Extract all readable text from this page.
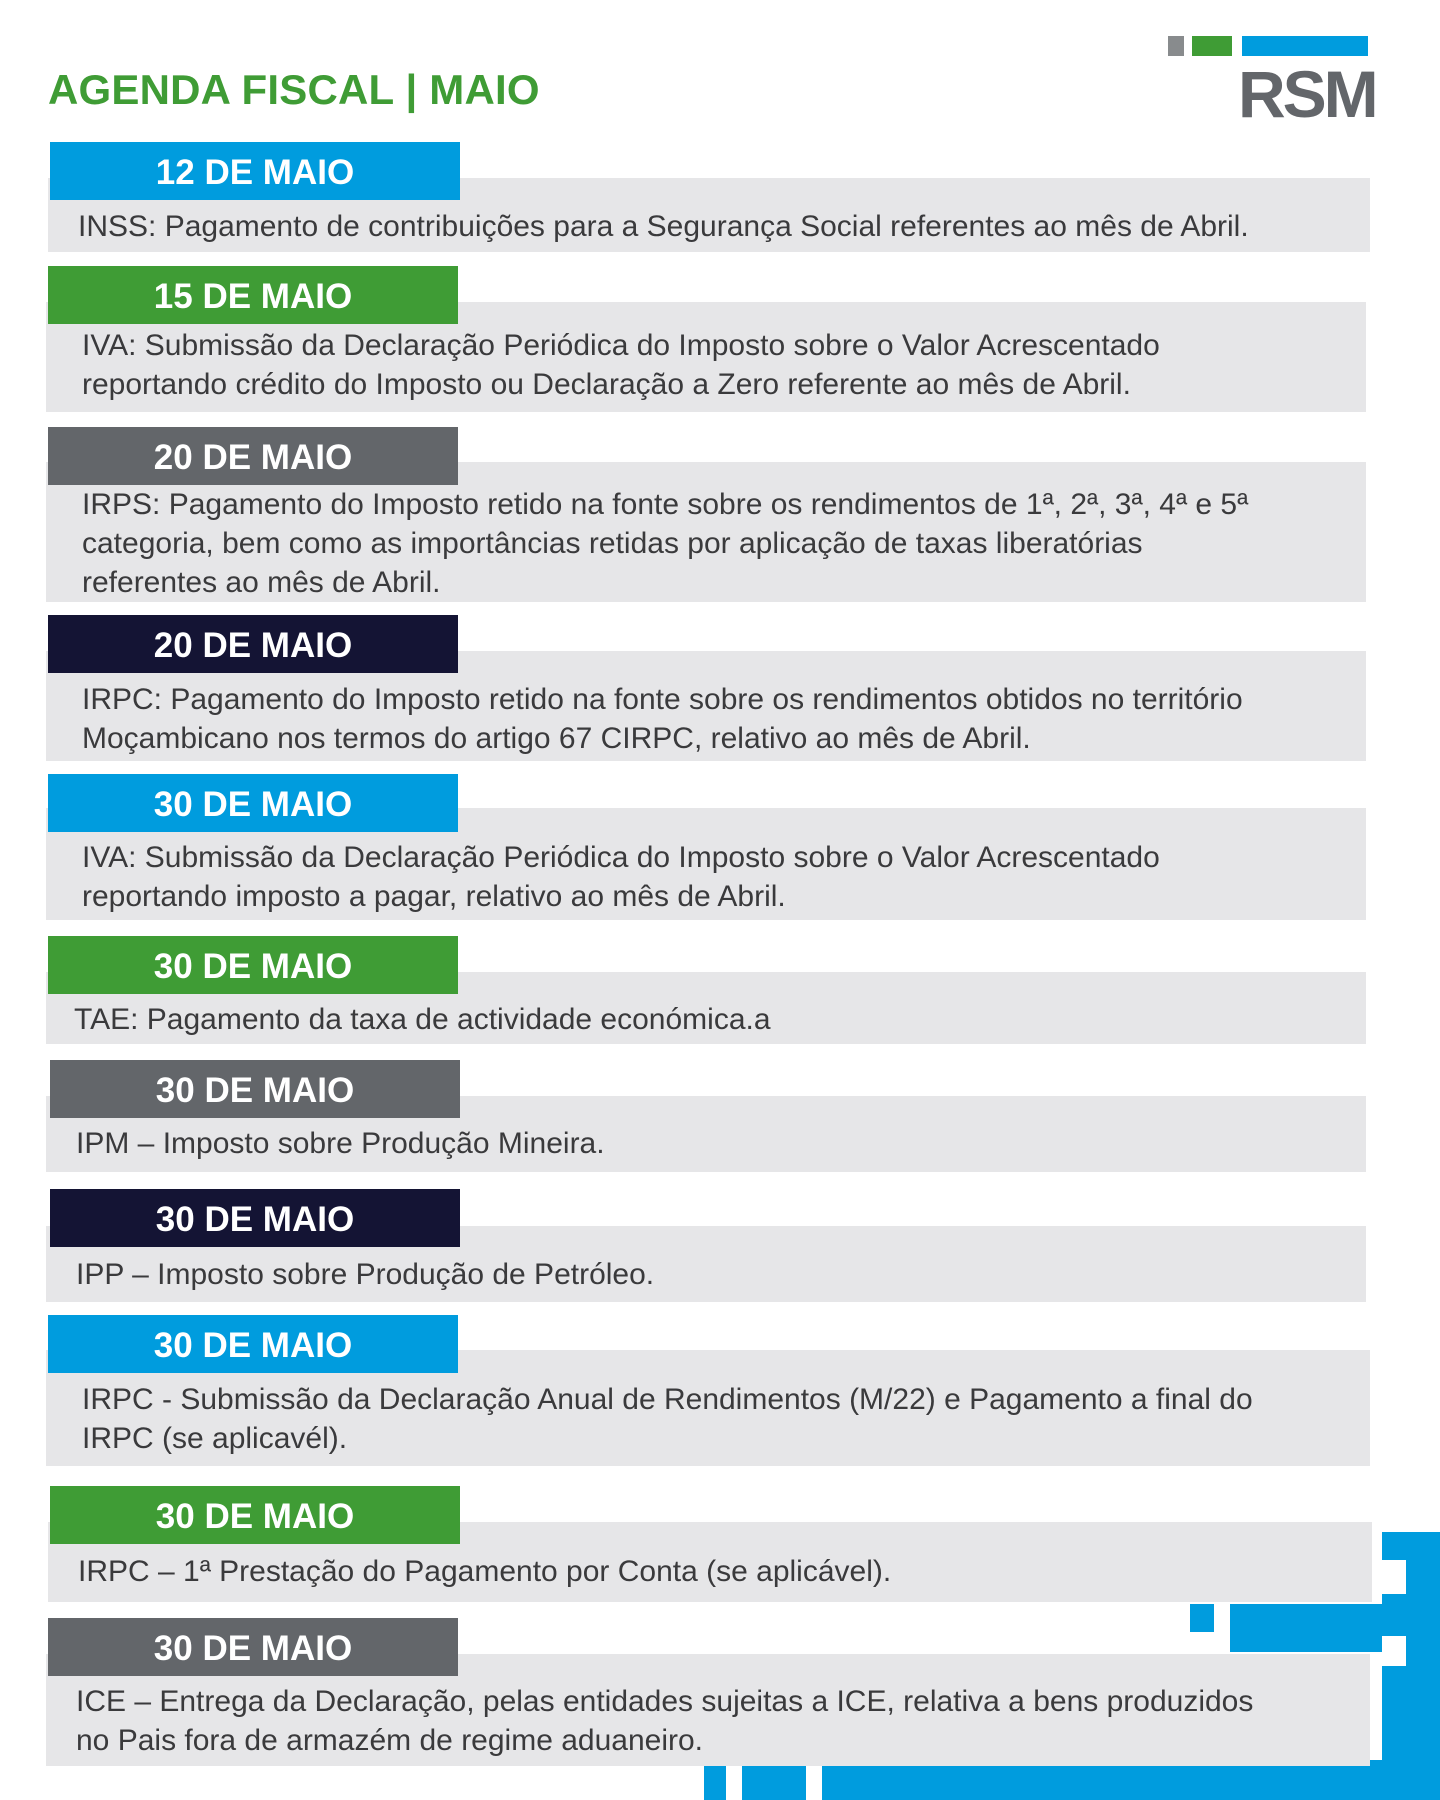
AGENDA FISCAL | MAIO	RSM
12 DE MAIO

INSS: Pagamento de contribuições para a Segurança Social referentes ao mês de Abril.

15 DE MAIO

IVA: Submissão da Declaração Periódica do Imposto sobre o Valor Acrescentado
reportando crédito do Imposto ou Declaração a Zero referente ao mês de Abril.

20 DE MAIO

IRPS: Pagamento do Imposto retido na fonte sobre os rendimentos de 1ª, 2ª, 3ª, 4ª e 5ª
categoria, bem como as importâncias retidas por aplicação de taxas liberatórias
referentes ao mês de Abril.

20 DE MAIO

IRPC: Pagamento do Imposto retido na fonte sobre os rendimentos obtidos no território
Moçambicano nos termos do artigo 67 CIRPC, relativo ao mês de Abril.

30 DE MAIO

IVA: Submissão da Declaração Periódica do Imposto sobre o Valor Acrescentado
reportando imposto a pagar, relativo ao mês de Abril.

30 DE MAIO

TAE: Pagamento da taxa de actividade económica.a

30 DE MAIO

IPM – Imposto sobre Produção Mineira.

30 DE MAIO

IPP – Imposto sobre Produção de Petróleo.

30 DE MAIO

IRPC - Submissão da Declaração Anual de Rendimentos (M/22) e Pagamento a final do
IRPC (se aplicavél).

30 DE MAIO

IRPC – 1ª Prestação do Pagamento por Conta (se aplicável).

30 DE MAIO

ICE – Entrega da Declaração, pelas entidades sujeitas a ICE, relativa a bens produzidos
no Pais fora de armazém de regime aduaneiro.
